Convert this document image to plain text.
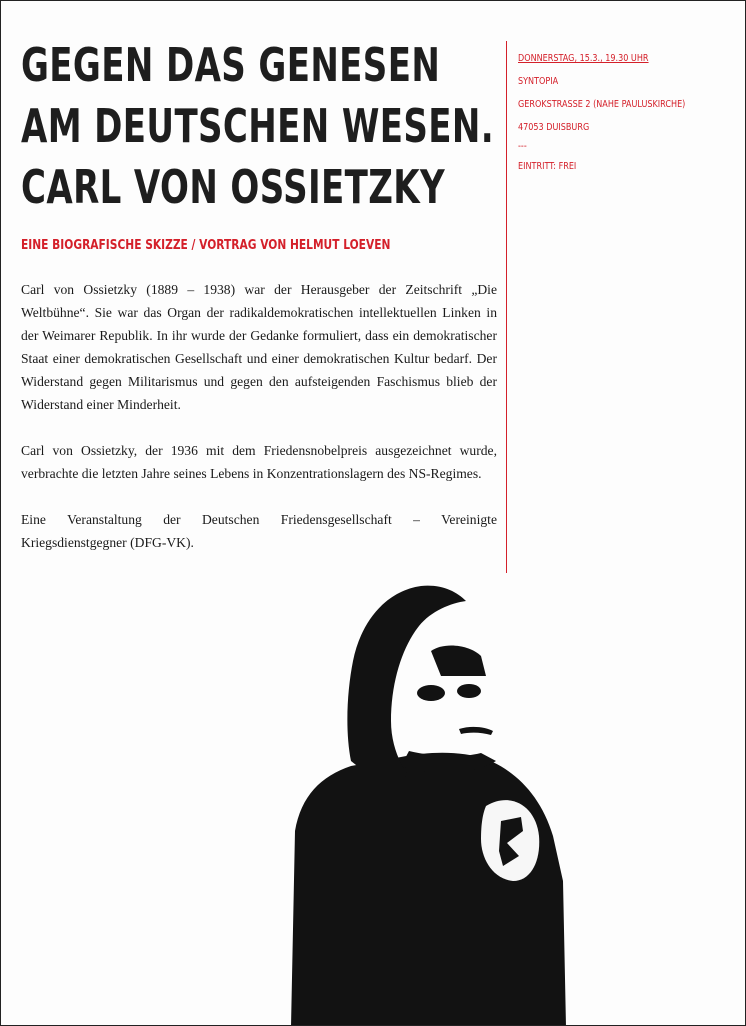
GEGEN DAS GENESEN
AM DEUTSCHEN WESEN.
CARL VON OSSIETZKY
EINE BIOGRAFISCHE SKIZZE / VORTRAG VON HELMUT LOEVEN

Carl von Ossietzky (1889 – 1938) war der Herausgeber der Zeitschrift „Die Weltbühne“. Sie war das Organ der radikaldemokratischen intellektuellen Linken in der Weimarer Republik. In ihr wurde der Gedanke formuliert, dass ein demokratischer Staat einer demokratischen Gesellschaft und einer demokratischen Kultur bedarf. Der Widerstand gegen Militarismus und gegen den aufsteigenden Faschismus blieb der Widerstand einer Minderheit.

Carl von Ossietzky, der 1936 mit dem Friedensnobelpreis ausgezeichnet wurde, verbrachte die letzten Jahre seines Lebens in Konzentrationslagern des NS-Regimes.

Eine Veranstaltung der Deutschen Friedensgesellschaft – Vereinigte Kriegsdienstgegner (DFG-VK).

DONNERSTAG, 15.3., 19.30 UHR
SYNTOPIA
GEROKSTRASSE 2 (NÄHE PAULUSKIRCHE)
47053 DUISBURG
---
EINTRITT: FREI
